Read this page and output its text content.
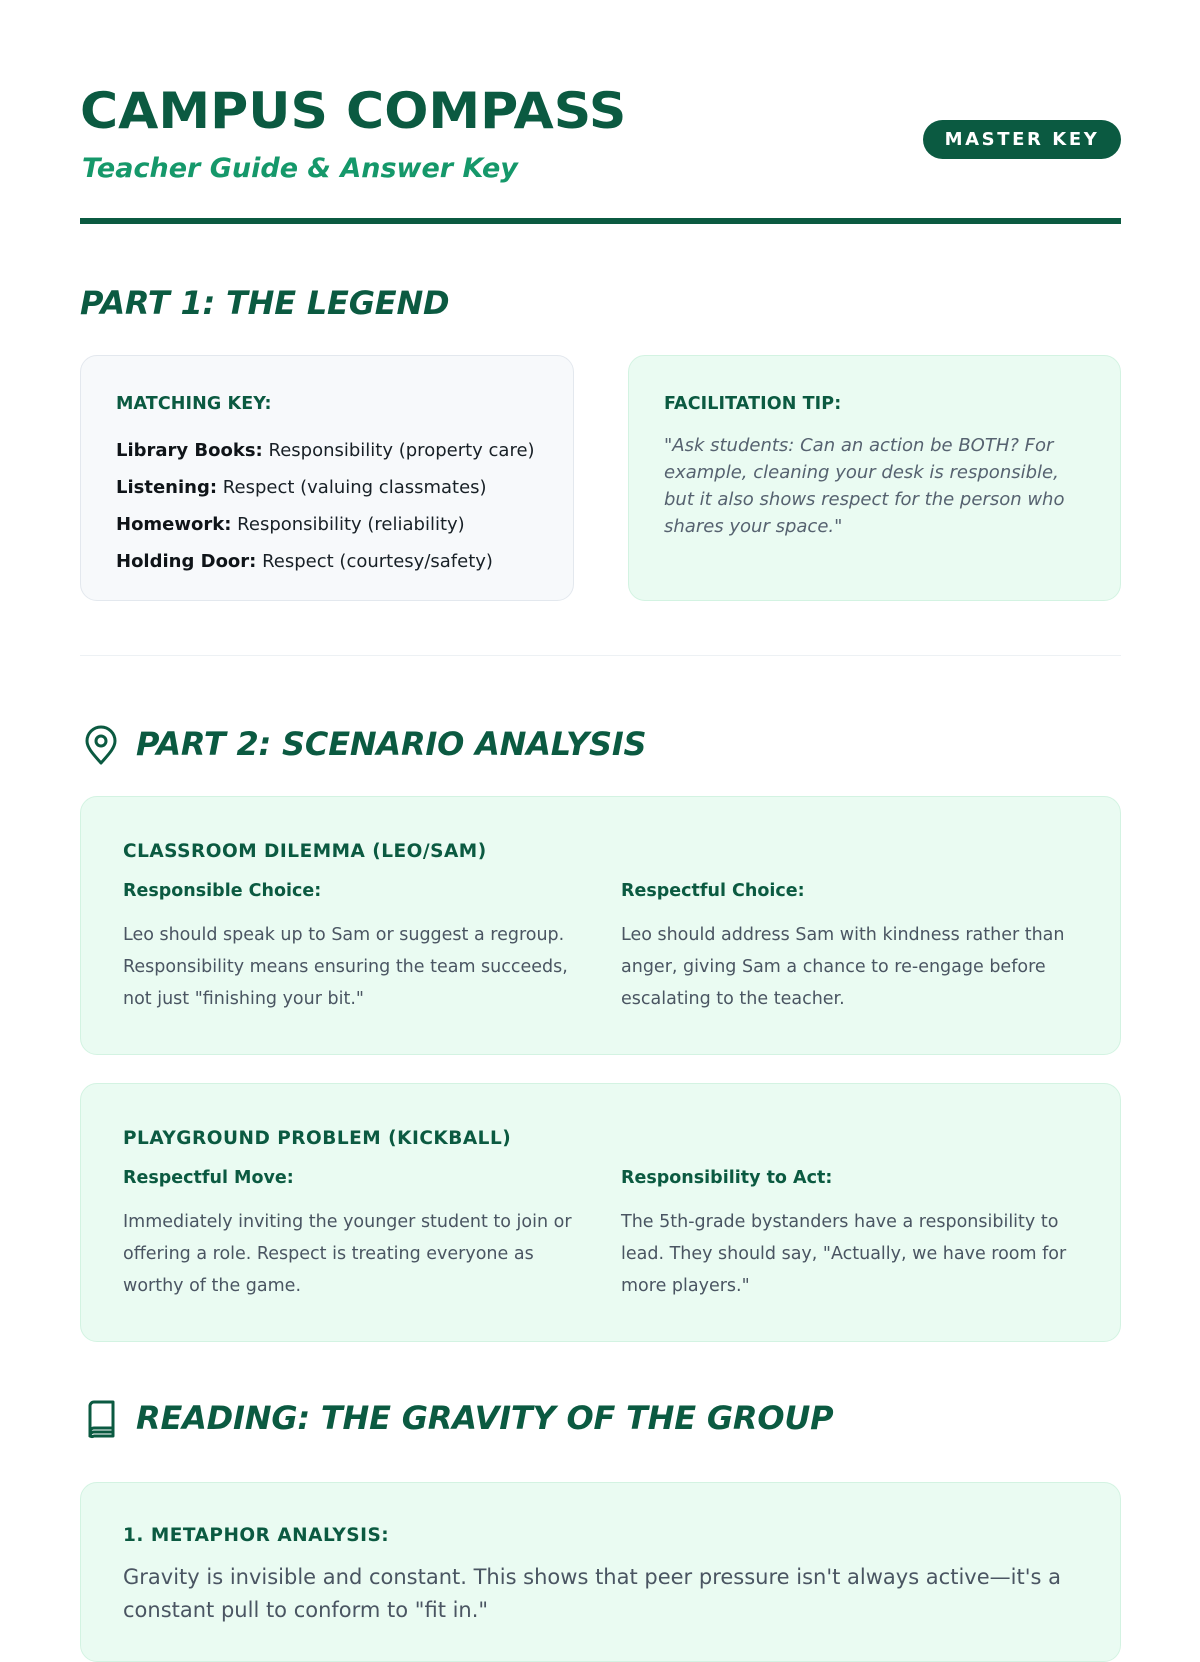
CAMPUS COMPASS

Teacher Guide & Answer Key

MASTER KEY
PART 1: THE LEGEND
MATCHING KEY:
Library Books: Responsibility (property care)
Listening: Respect (valuing classmates)
Homework: Responsibility (reliability)
Holding Door: Respect (courtesy/safety)
FACILITATION TIP:

"Ask students: Can an action be BOTH? For example, cleaning your desk is responsible, but it also shows respect for the person who shares your space."

PART 2: SCENARIO ANALYSIS
CLASSROOM DILEMMA (LEO/SAM)
Responsible Choice:

Leo should speak up to Sam or suggest a regroup. Responsibility means ensuring the team succeeds, not just "finishing your bit."

Respectful Choice:

Leo should address Sam with kindness rather than anger, giving Sam a chance to re-engage before escalating to the teacher.

PLAYGROUND PROBLEM (KICKBALL)
Respectful Move:

Immediately inviting the younger student to join or offering a role. Respect is treating everyone as worthy of the game.

Responsibility to Act:

The 5th-grade bystanders have a responsibility to lead. They should say, "Actually, we have room for more players."

READING: THE GRAVITY OF THE GROUP
1. METAPHOR ANALYSIS:

Gravity is invisible and constant. This shows that peer pressure isn't always active—it's a constant pull to conform to "fit in."
